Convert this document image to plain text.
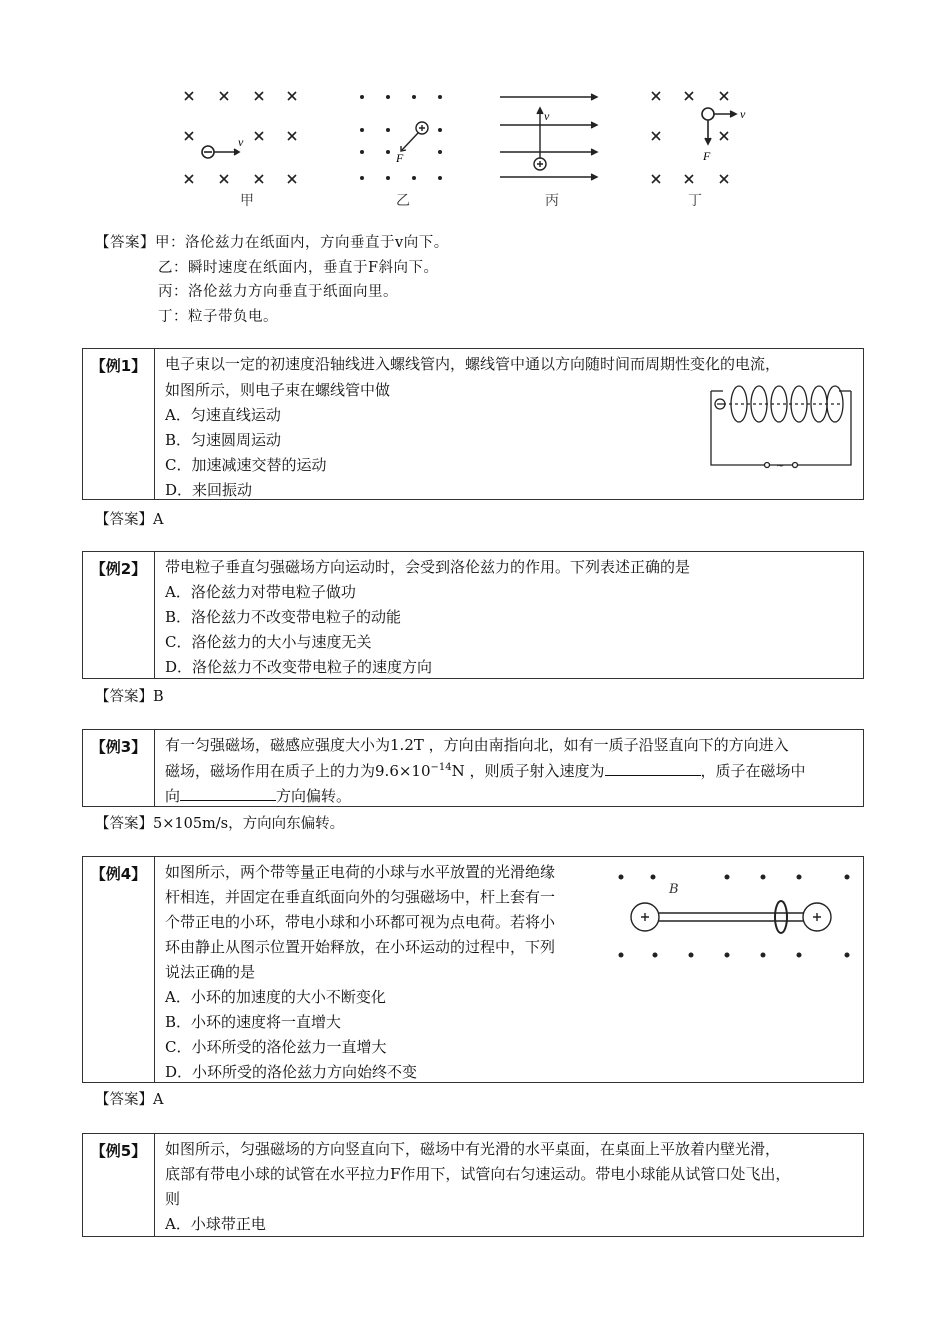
v
F
v	v
F
甲	乙	丙	丁
【答案】甲：洛伦兹力在纸面内，方向垂直于v向下。
乙：瞬时速度在纸面内，垂直于F斜向下。
丙：洛伦兹力方向垂直于纸面向里。
丁：粒子带负电。
【例1】	电子束以一定的初速度沿轴线进入螺线管内，螺线管中通以方向随时间而周期性变化的电流，
如图所示，则电子束在螺线管中做
A．匀速直线运动
B．匀速圆周运动
C．加速减速交替的运动
D．来回振动
~
【答案】A
【例2】	带电粒子垂直匀强磁场方向运动时，会受到洛伦兹力的作用。下列表述正确的是
A．洛伦兹力对带电粒子做功
B．洛伦兹力不改变带电粒子的动能
C．洛伦兹力的大小与速度无关
D．洛伦兹力不改变带电粒子的速度方向
【答案】B
【例3】	有一匀强磁场，磁感应强度大小为1.2T ，方向由南指向北，如有一质子沿竖直向下的方向进入
磁场，磁场作用在质子上的力为$9.6\times 10^{-14}N$ ，则质子射入速度为	，质子在磁场中
向	方向偏转。
【答案】5×105m/s，方向向东偏转。
【例4】	如图所示，两个带等量正电荷的小球与水平放置的光滑绝缘
杆相连，并固定在垂直纸面向外的匀强磁场中，杆上套有一
个带正电的小环，带电小球和小环都可视为点电荷。若将小
环由静止从图示位置开始释放，在小环运动的过程中，下列
说法正确的是
A．小环的加速度的大小不断变化
B．小环的速度将一直增大
C．小环所受的洛伦兹力一直增大
D．小环所受的洛伦兹力方向始终不变
B
【答案】A
【例5】	如图所示，匀强磁场的方向竖直向下，磁场中有光滑的水平桌面，在桌面上平放着内壁光滑，
底部有带电小球的试管在水平拉力F作用下，试管向右匀速运动。带电小球能从试管口处飞出，
则
A．小球带正电
